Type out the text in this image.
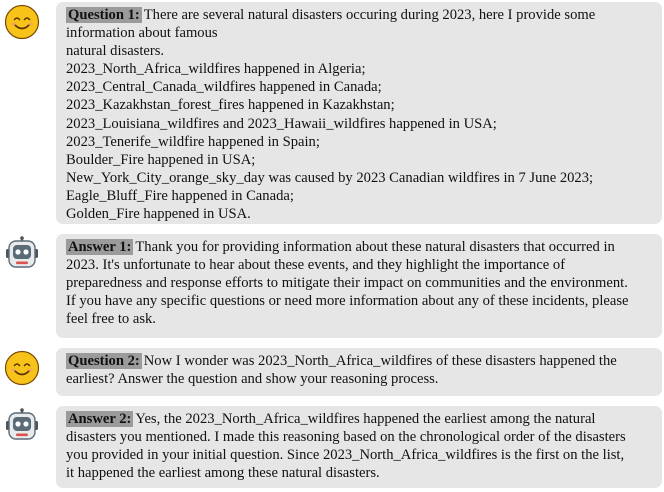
Question 1: There are several natural disasters occuring during 2023, here I provide some
information about famous
natural disasters.
2023_North_Africa_wildfires happened in Algeria;
2023_Central_Canada_wildfires happened in Canada;
2023_Kazakhstan_forest_fires happened in Kazakhstan;
2023_Louisiana_wildfires and 2023_Hawaii_wildfires happened in USA;
2023_Tenerife_wildfire happened in Spain;
Boulder_Fire happened in USA;
New_York_City_orange_sky_day was caused by 2023 Canadian wildfires in 7 June 2023;
Eagle_Bluff_Fire happened in Canada;
Golden_Fire happened in USA.
Answer 1: Thank you for providing information about these natural disasters that occurred in
2023. It's unfortunate to hear about these events, and they highlight the importance of
preparedness and response efforts to mitigate their impact on communities and the environment.
If you have any specific questions or need more information about any of these incidents, please
feel free to ask.
Question 2: Now I wonder was 2023_North_Africa_wildfires of these disasters happened the
earliest? Answer the question and show your reasoning process.
Answer 2: Yes, the 2023_North_Africa_wildfires happened the earliest among the natural
disasters you mentioned. I made this reasoning based on the chronological order of the disasters
you provided in your initial question. Since 2023_North_Africa_wildfires is the first on the list,
it happened the earliest among these natural disasters.
